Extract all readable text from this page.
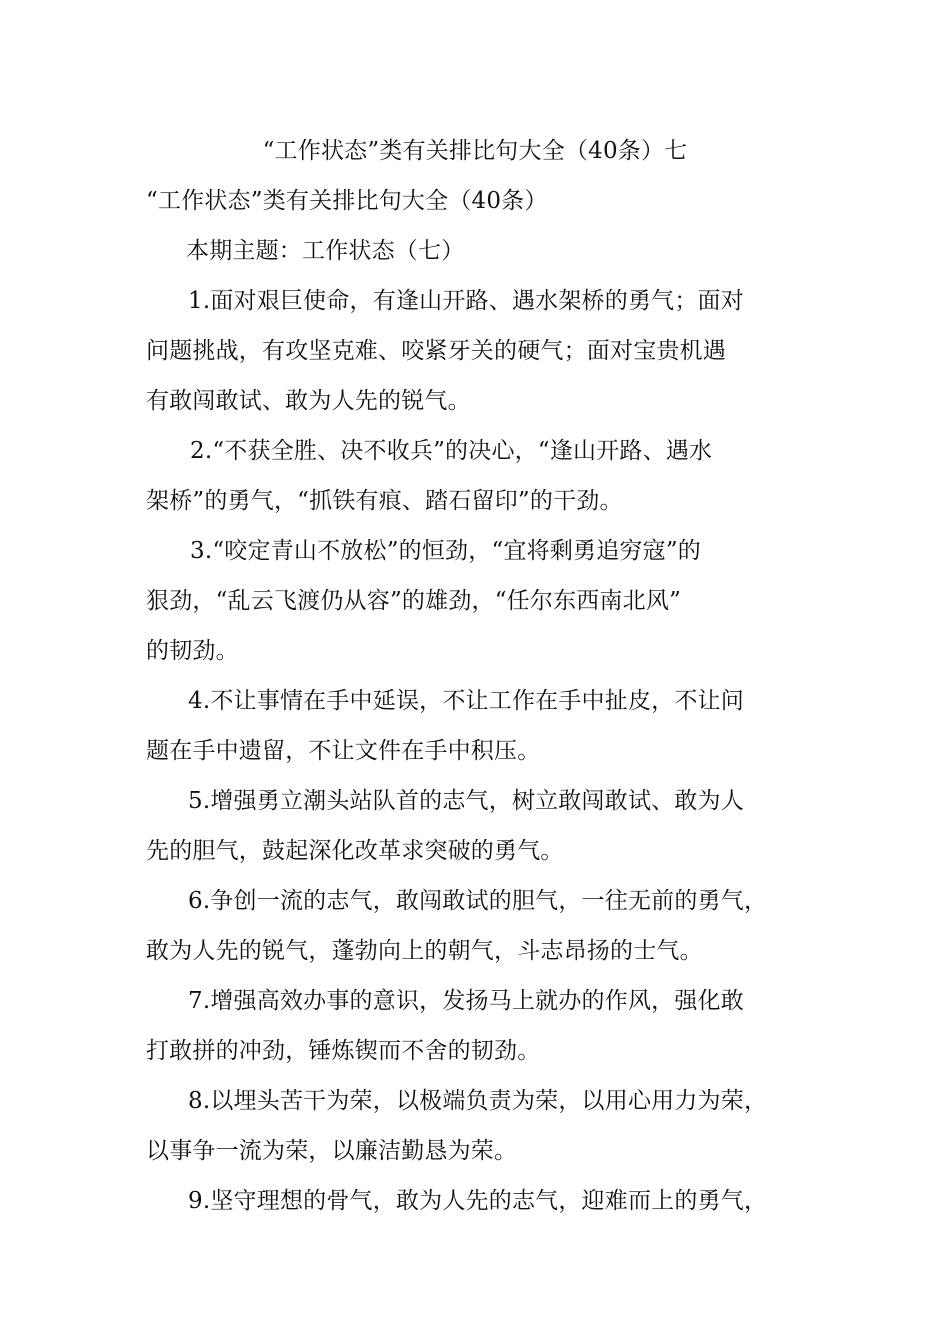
“工作状态”类有关排比句大全（40条）七
“工作状态”类有关排比句大全（40条）
本期主题：工作状态（七）
1.面对艰巨使命，有逢山开路、遇水架桥的勇气；面对
问题挑战，有攻坚克难、咬紧牙关的硬气；面对宝贵机遇
有敢闯敢试、敢为人先的锐气。
2.“不获全胜、决不收兵”的决心，“逢山开路、遇水
架桥”的勇气，“抓铁有痕、踏石留印”的干劲。
3.“咬定青山不放松”的恒劲，“宜将剩勇追穷寇”的
狠劲，“乱云飞渡仍从容”的雄劲，“任尔东西南北风”
的韧劲。
4.不让事情在手中延误，不让工作在手中扯皮，不让问
题在手中遗留，不让文件在手中积压。
5.增强勇立潮头站队首的志气，树立敢闯敢试、敢为人
先的胆气，鼓起深化改革求突破的勇气。
6.争创一流的志气，敢闯敢试的胆气，一往无前的勇气，
敢为人先的锐气，蓬勃向上的朝气，斗志昂扬的士气。
7.增强高效办事的意识，发扬马上就办的作风，强化敢
打敢拼的冲劲，锤炼锲而不舍的韧劲。
8.以埋头苦干为荣，以极端负责为荣，以用心用力为荣，
以事争一流为荣，以廉洁勤恳为荣。
9.坚守理想的骨气，敢为人先的志气，迎难而上的勇气，
